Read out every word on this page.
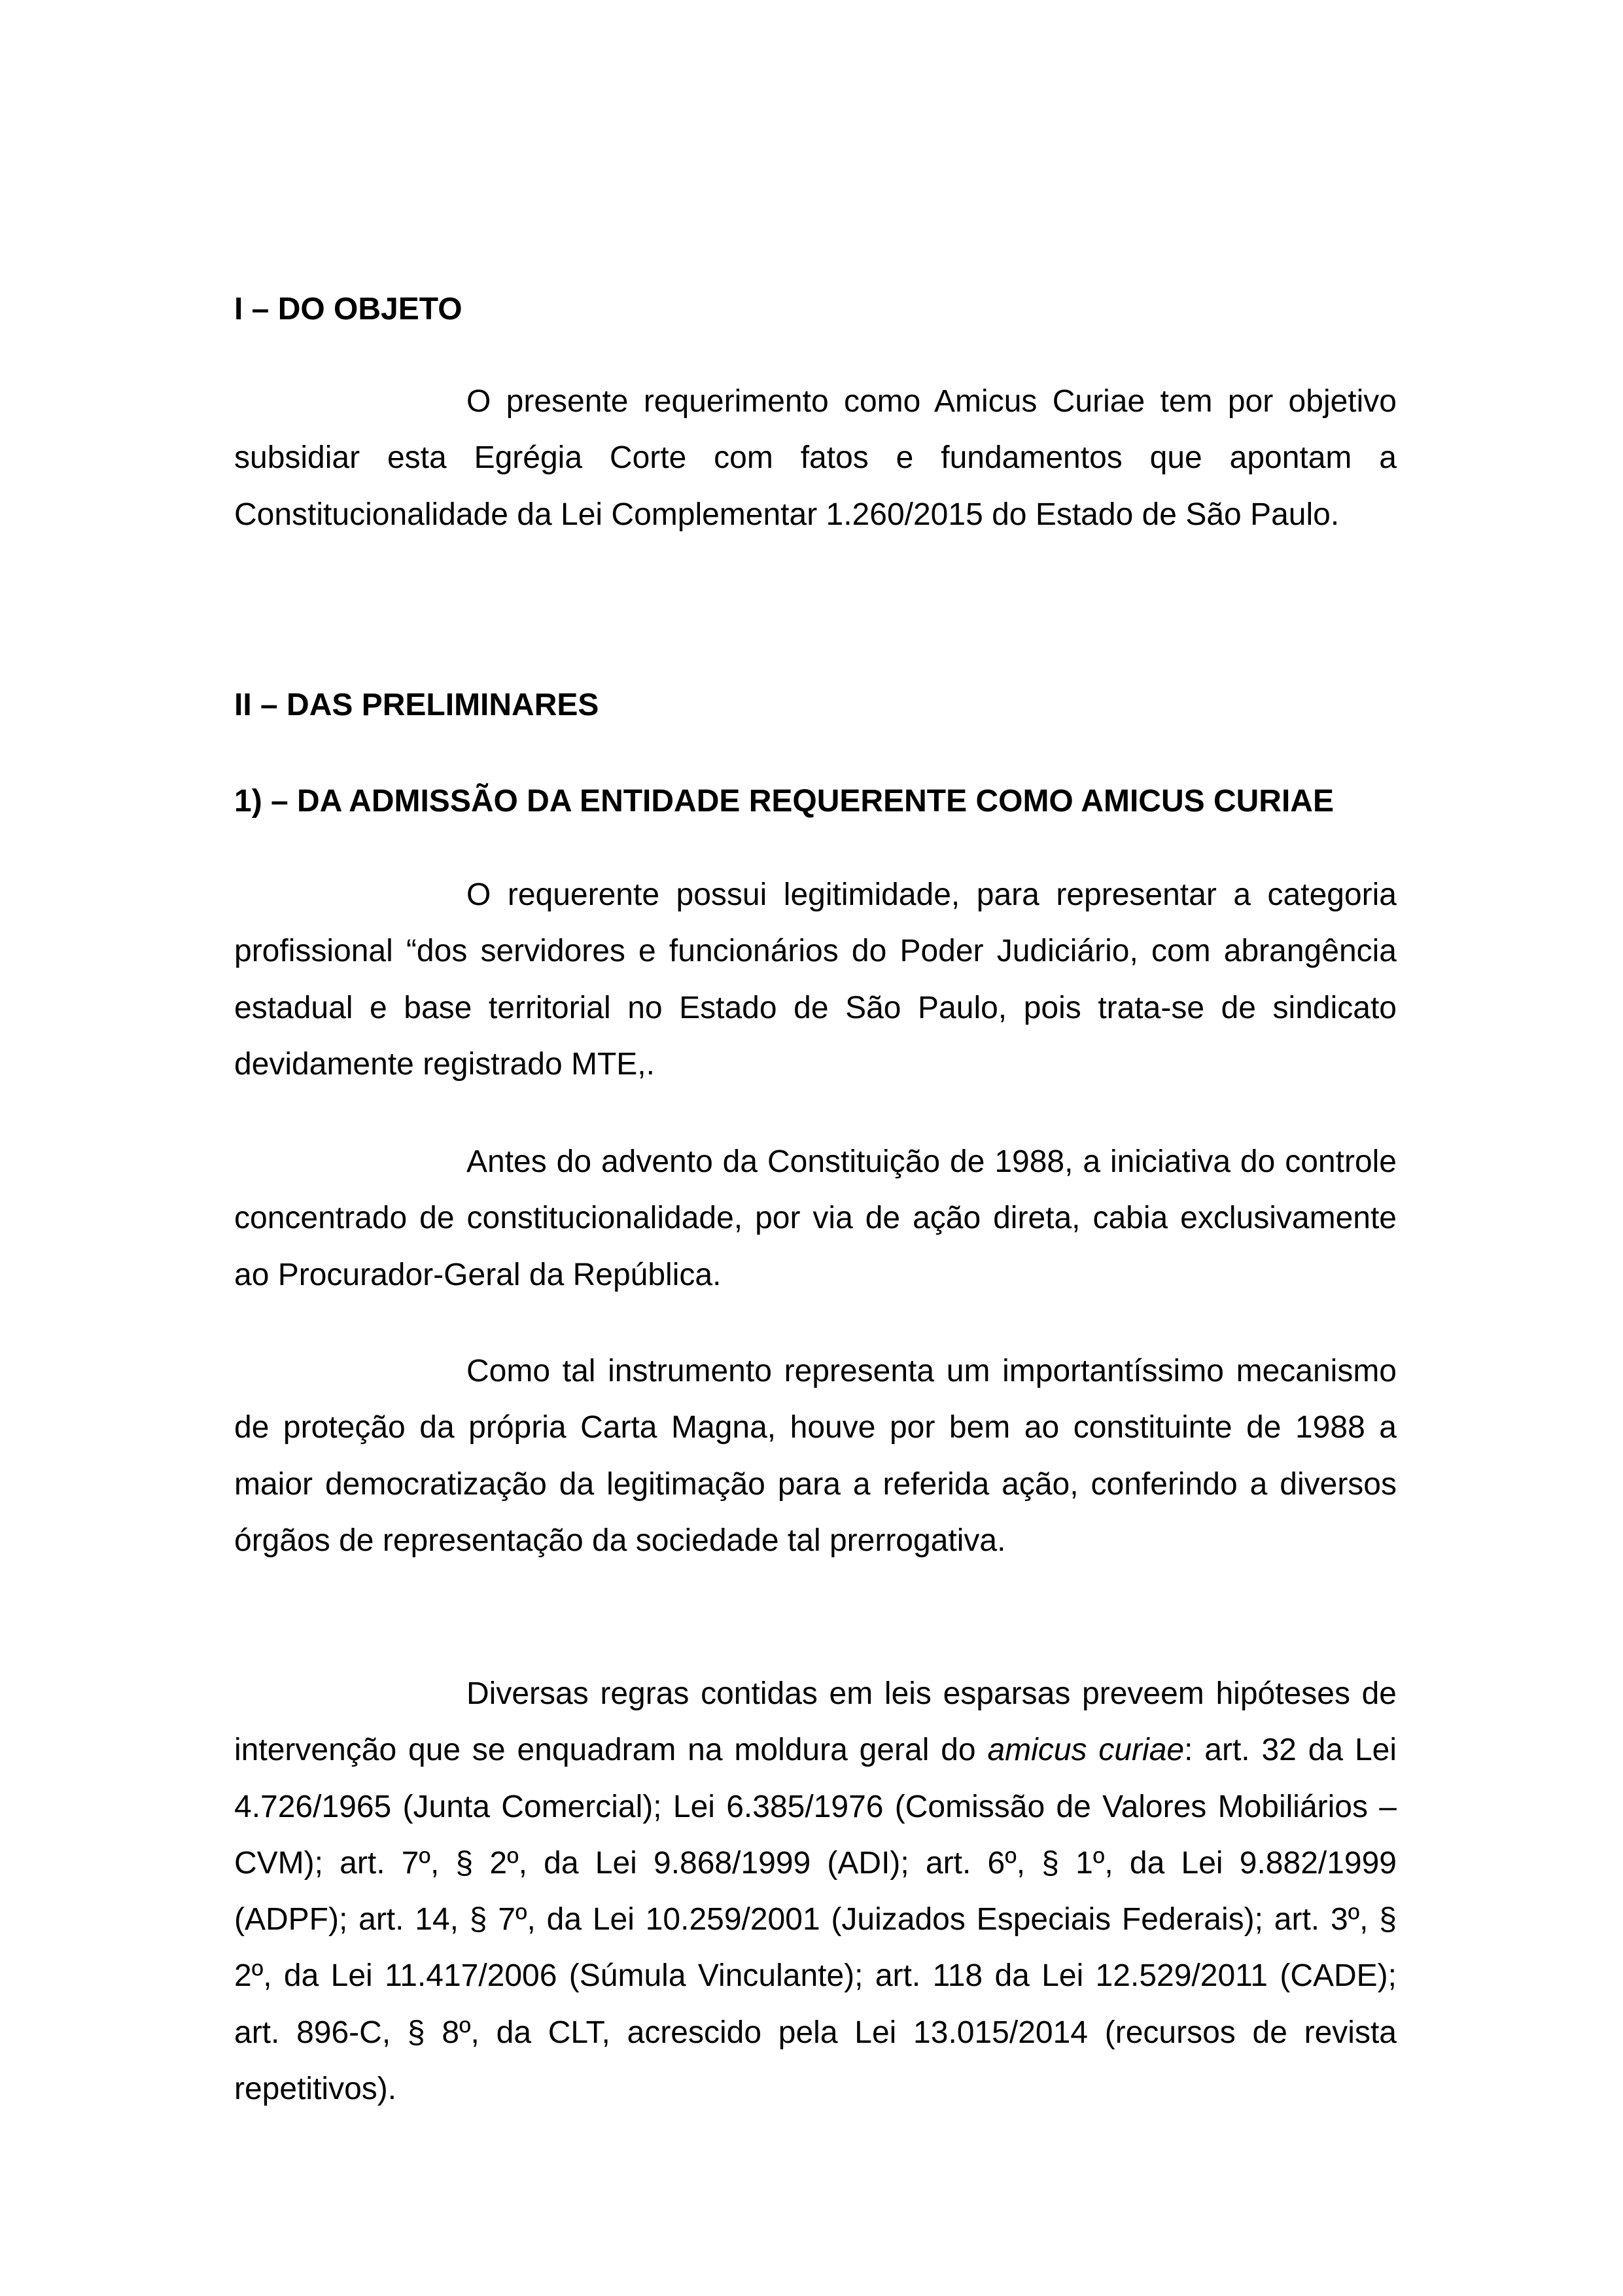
I – DO OBJETO

O presente requerimento como Amicus Curiae tem por objetivo subsidiar esta Egrégia Corte com fatos e fundamentos que apontam a Constitucionalidade da Lei Complementar 1.260/2015 do Estado de São Paulo.

II – DAS PRELIMINARES
1) – DA ADMISSÃO DA ENTIDADE REQUERENTE COMO AMICUS CURIAE

O requerente possui legitimidade, para representar a categoria profissional “dos servidores e funcionários do Poder Judiciário, com abrangência estadual e base territorial no Estado de São Paulo, pois trata-se de sindicato devidamente registrado MTE,.

Antes do advento da Constituição de 1988, a iniciativa do controle concentrado de constitucionalidade, por via de ação direta, cabia exclusivamente ao Procurador-Geral da República.

Como tal instrumento representa um importantíssimo mecanismo de proteção da própria Carta Magna, houve por bem ao constituinte de 1988 a maior democratização da legitimação para a referida ação, conferindo a diversos órgãos de representação da sociedade tal prerrogativa.

Diversas regras contidas em leis esparsas preveem hipóteses de intervenção que se enquadram na moldura geral do amicus curiae: art. 32 da Lei 4.726/1965 (Junta Comercial); Lei 6.385/1976 (Comissão de Valores Mobiliários – CVM); art. 7º, § 2º, da Lei 9.868/1999 (ADI); art. 6º, § 1º, da Lei 9.882/1999 (ADPF); art. 14, § 7º, da Lei 10.259/2001 (Juizados Especiais Federais); art. 3º, § 2º, da Lei 11.417/2006 (Súmula Vinculante); art. 118 da Lei 12.529/2011 (CADE); art. 896-C, § 8º, da CLT, acrescido pela Lei 13.015/2014 (recursos de revista repetitivos).
